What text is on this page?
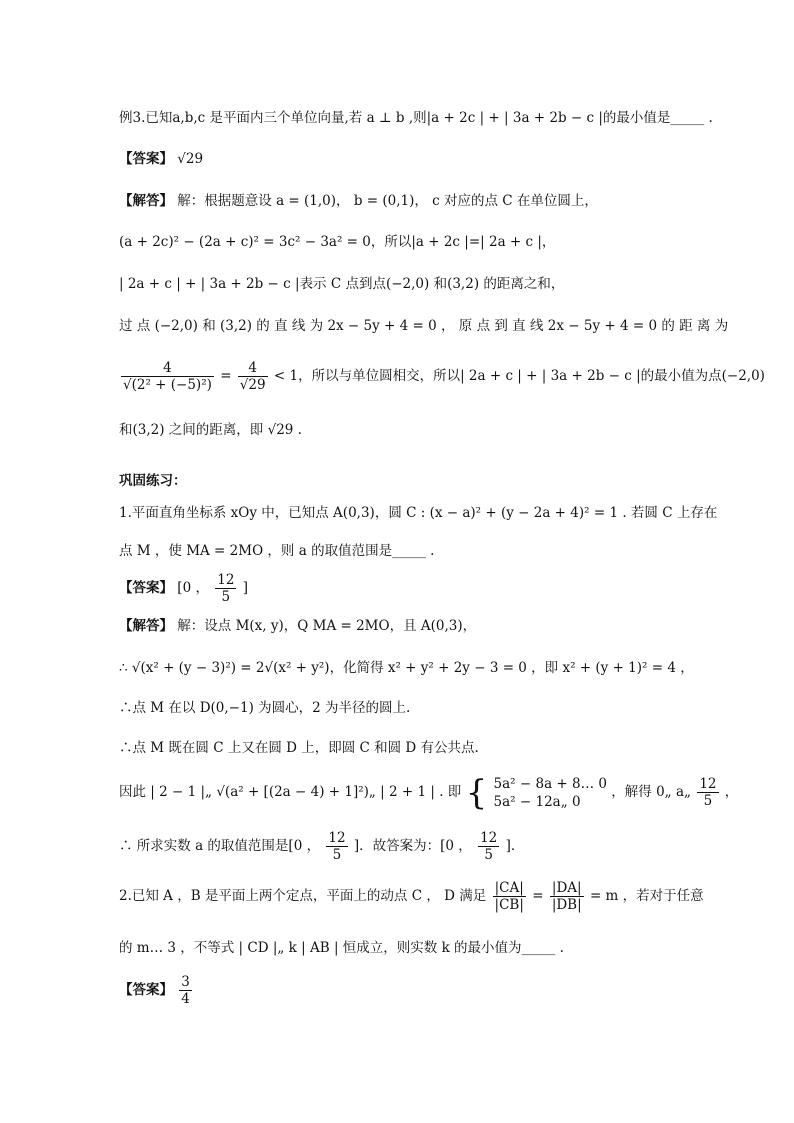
例3.已知a,b,c 是平面内三个单位向量,若 a ⊥ b ,则|a + 2c | + | 3a + 2b − c |的最小值是_____ .
【答案】 √29
【解答】 解：根据题意设 a = (1,0)， b = (0,1)， c 对应的点 C 在单位圆上，
(a + 2c)² − (2a + c)² = 3c² − 3a² = 0，所以|a + 2c |=| 2a + c |，
| 2a + c | + | 3a + 2b − c |表示 C 点到点(−2,0) 和(3,2) 的距离之和，
过 点 (−2,0) 和 (3,2) 的 直 线 为 2x − 5y + 4 = 0 ， 原 点 到 直 线 2x − 5y + 4 = 0 的 距 离 为
$\frac{4}{\text{√(2² + (−5)²)}} = \frac{4}{√29} < 1$，所以与单位圆相交，所以| 2a + c | + | 3a + 2b − c |的最小值为点(−2,0)
和(3,2) 之间的距离，即 √29 .
巩固练习：
1.平面直角坐标系 xOy 中，已知点 A(0,3)，圆 C : (x − a)² + (y − 2a + 4)² = 1 . 若圆 C 上存在
点 M ，使 MA = 2MO ，则 a 的取值范围是_____ .
【答案】 [0 ， $\frac{12}{5}$ ]
【解答】 解：设点 M(x, y)，Q MA = 2MO，且 A(0,3)，
∴ √(x² + (y − 3)²) = 2√(x² + y²)，化简得 x² + y² + 2y − 3 = 0 ，即 x² + (y + 1)² = 4 ，
∴点 M 在以 D(0,−1) 为圆心，2 为半径的圆上.
∴点 M 既在圆 C 上又在圆 D 上，即圆 C 和圆 D 有公共点.
因此 | 2 − 1 |„ √(a² + [(2a − 4) + 1]²)„ | 2 + 1 | . 即 { 5a² − 8a + 8… 0
5a² − 12a„ 0
，解得 0„ a„ $\frac{12}{5}$ ，
∴ 所求实数 a 的取值范围是[0 ， $\frac{12}{5}$ ]．故答案为：[0 ， $\frac{12}{5}$ ]．
2.已知 A ，B 是平面上两个定点，平面上的动点 C ， D 满足 $\frac{|CA|}{|CB|} = \frac{|DA|}{|DB|} = m$ ，若对于任意
的 m… 3 ，不等式 | CD |„ k | AB | 恒成立，则实数 k 的最小值为_____ .
【答案】 $\frac{3}{4}$
